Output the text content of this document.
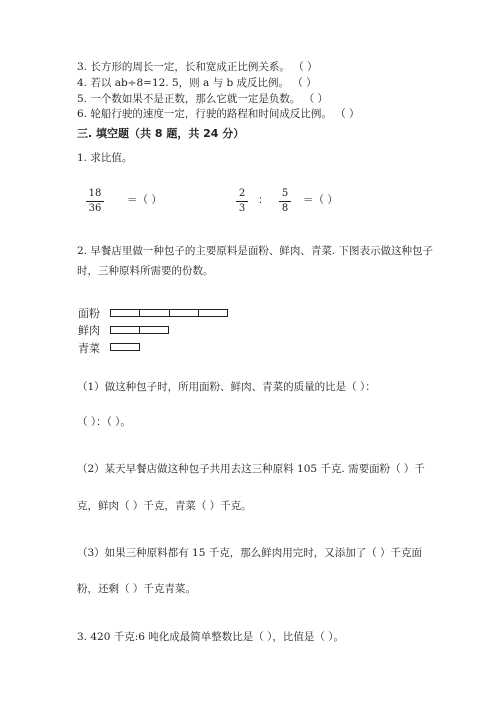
3. 长方形的周长一定，长和宽成正比例关系。 （ ）
4. 若以 ab÷8=12. 5，则 a 与 b 成反比例。 （ ）
5. 一个数如果不是正数，那么它就一定是负数。 （ ）
6. 轮船行驶的速度一定，行驶的路程和时间成反比例。 （ ）
三. 填空题（共 8 题，共 24 分）
1. 求比值。
18
36
＝（ ）
2
3
：
5
8
＝（ ）
2. 早餐店里做一种包子的主要原料是面粉、鲜肉、青菜. 下图表示做这种包子
时，三种原料所需要的份数。
面粉
鲜肉
青菜
（1）做这种包子时，所用面粉、鲜肉、青菜的质量的比是（ ）：
（ ）：（ ）。
（2）某天早餐店做这种包子共用去这三种原料 105 千克. 需要面粉（ ）千
克，鲜肉（ ）千克，青菜（ ）千克。
（3）如果三种原料都有 15 千克，那么鲜肉用完时，又添加了（ ）千克面
粉，还剩（ ）千克青菜。
3. 420 千克:6 吨化成最简单整数比是（ ），比值是（ ）。
